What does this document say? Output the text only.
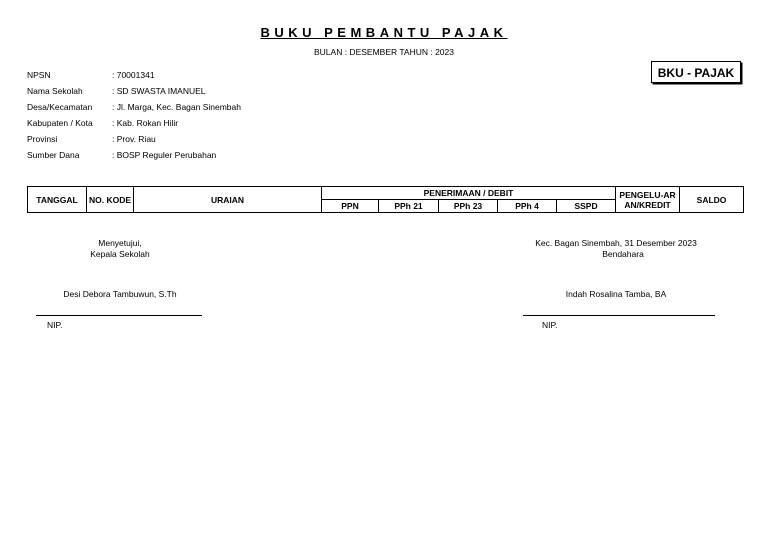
BUKU PEMBANTU PAJAK
BULAN : DESEMBER TAHUN : 2023
BKU - PAJAK
NPSN	: 70001341
Nama Sekolah	: SD SWASTA IMANUEL
Desa/Kecamatan	: Jl. Marga, Kec. Bagan Sinembah
Kabupaten / Kota	: Kab. Rokan Hilir
Provinsi	: Prov. Riau
Sumber Dana	: BOSP Reguler Perubahan
TANGGAL	NO. KODE	URAIAN	PENERIMAAN / DEBIT					PENGELU-ARAN/KREDIT	SALDO
			PPN	PPh 21	PPh 23	PPh 4	SSPD		
Menyetujui,
Kepala Sekolah
Desi Debora Tambuwun, S.Th
NIP.
Kec. Bagan Sinembah, 31 Desember 2023
Bendahara
Indah Rosalina Tamba, BA
NIP.
